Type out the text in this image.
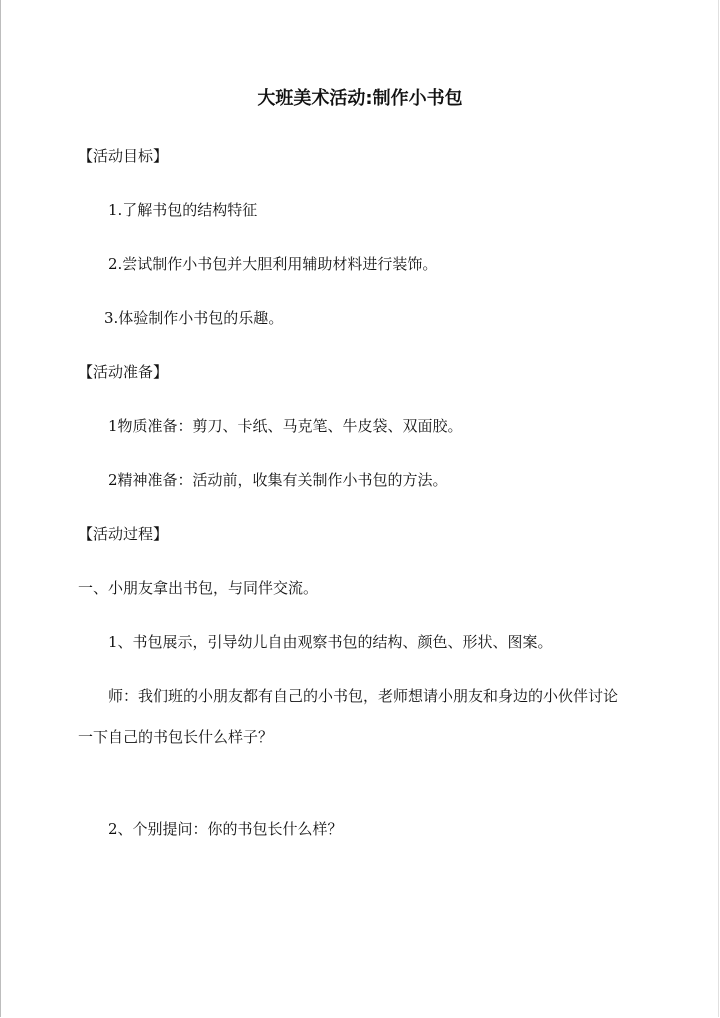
大班美术活动:制作小书包
【活动目标】
1.了解书包的结构特征
2.尝试制作小书包并大胆利用辅助材料进行装饰。
3.体验制作小书包的乐趣。
【活动准备】
1物质准备：剪刀、卡纸、马克笔、牛皮袋、双面胶。
2精神准备：活动前，收集有关制作小书包的方法。
【活动过程】
一、小朋友拿出书包，与同伴交流。
1、书包展示，引导幼儿自由观察书包的结构、颜色、形状、图案。
师：我们班的小朋友都有自己的小书包，老师想请小朋友和身边的小伙伴讨论
一下自己的书包长什么样子？
2、个别提问：你的书包长什么样？
